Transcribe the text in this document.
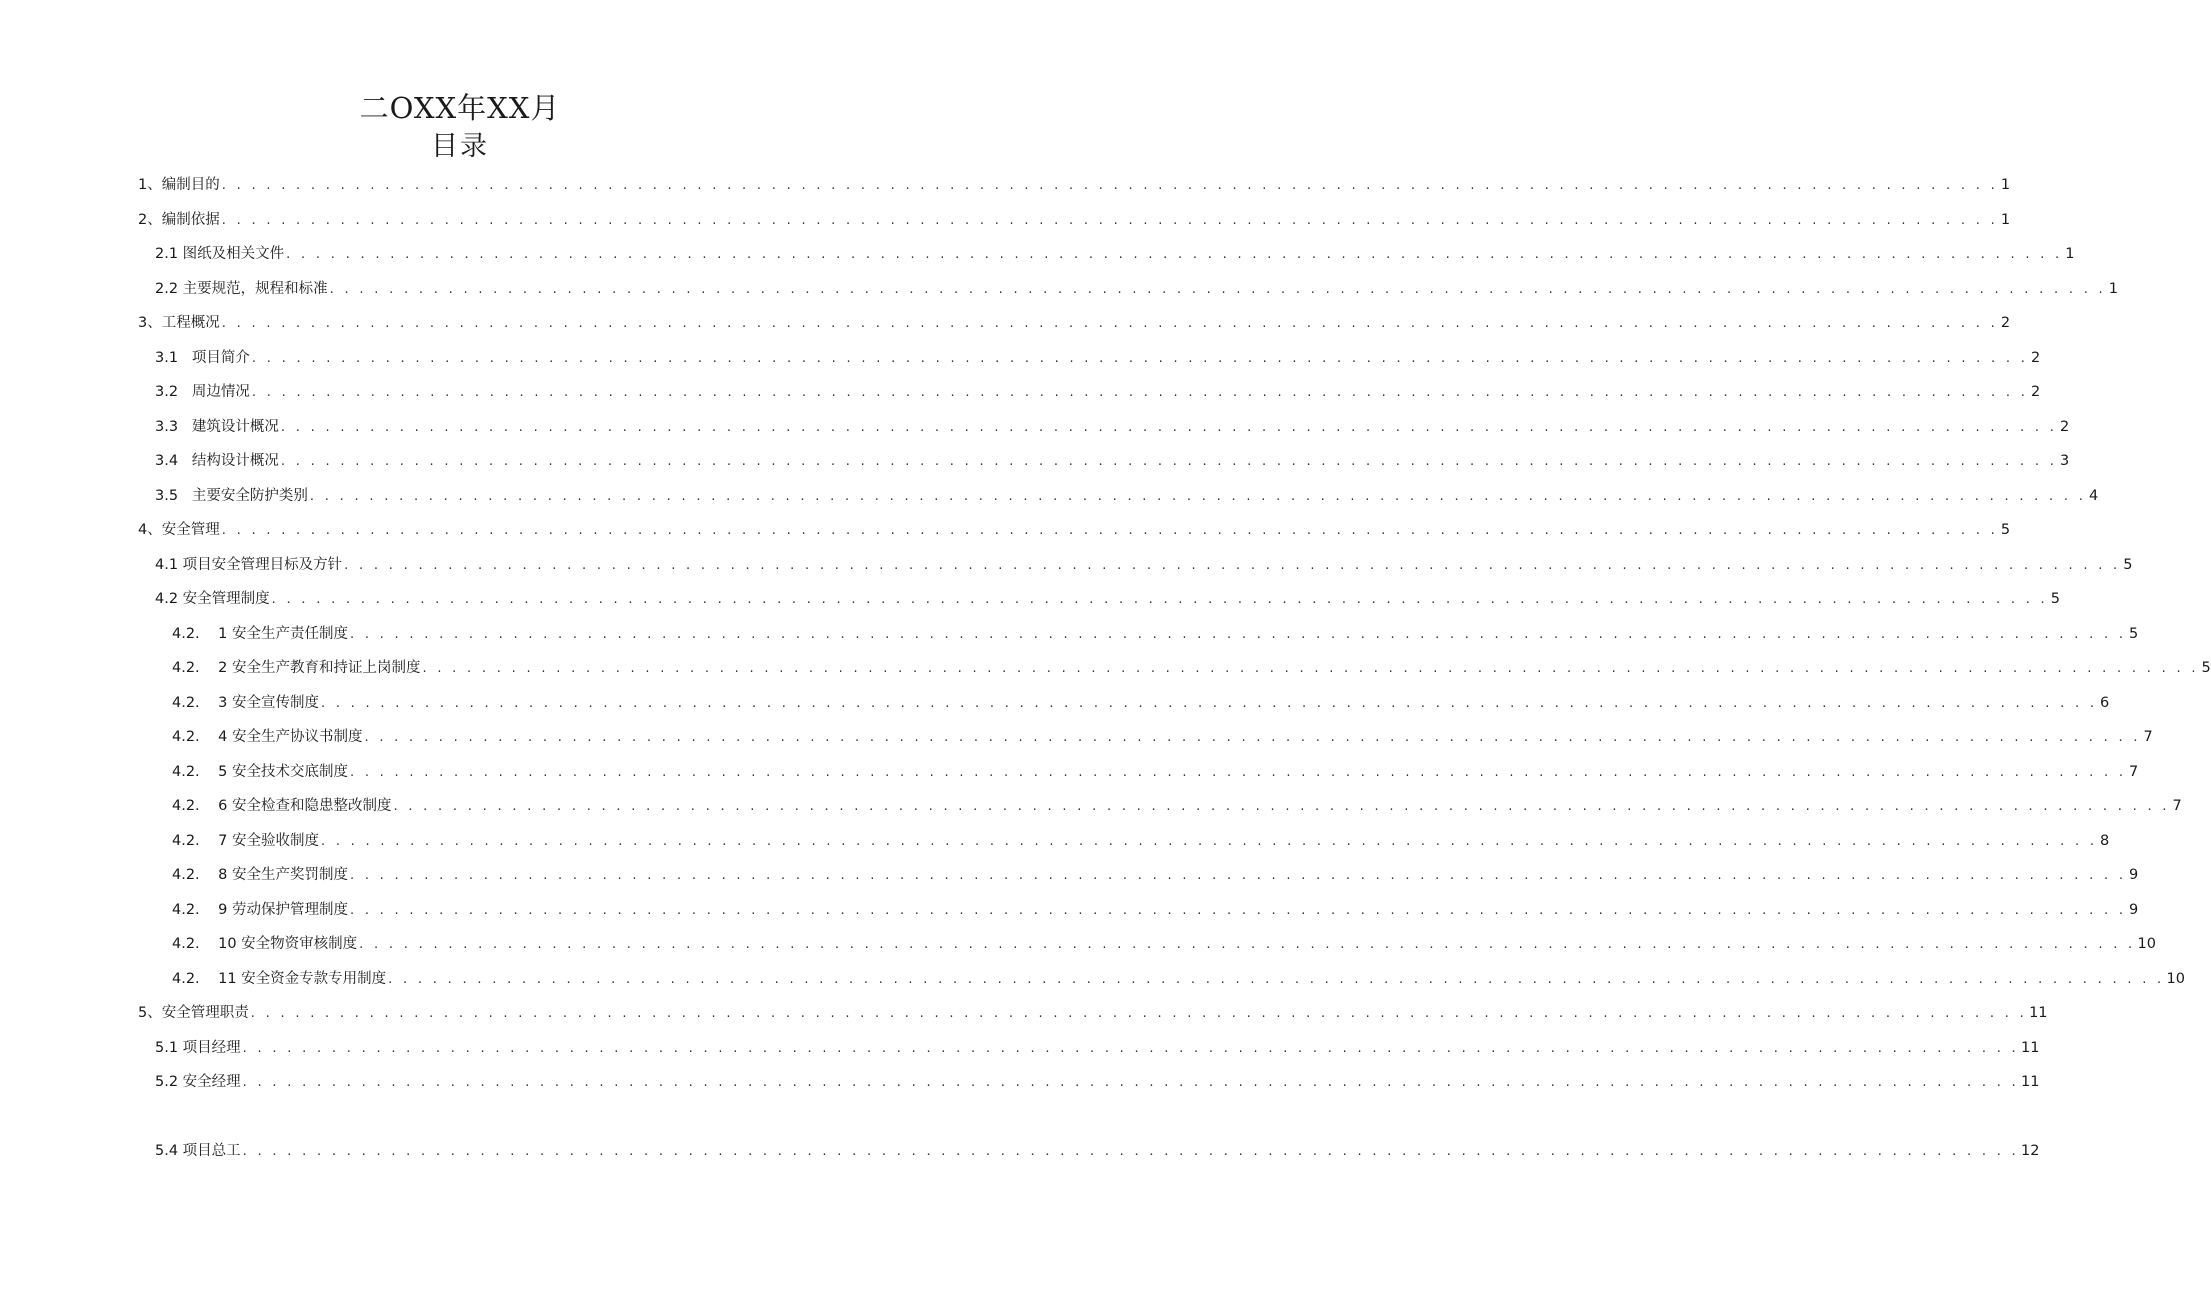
二OXX年XX月
目录
1、 编制目的 . . . . . . . . . . . . . . . . . . . . . . . . . . . . . . . . . . . . . . . . . . . . . . . . . . . . . . . . . . . . . . . . . . . . . . . . . . . . . . . . . . . . . . . . . . . . . . . . . . . . . . . . . . . . . . . . . . . . . . . . 1
2、 编制依据 . . . . . . . . . . . . . . . . . . . . . . . . . . . . . . . . . . . . . . . . . . . . . . . . . . . . . . . . . . . . . . . . . . . . . . . . . . . . . . . . . . . . . . . . . . . . . . . . . . . . . . . . . . . . . . . . . . . . . . . . 1
2.1 图纸及相关文件 . . . . . . . . . . . . . . . . . . . . . . . . . . . . . . . . . . . . . . . . . . . . . . . . . . . . . . . . . . . . . . . . . . . . . . . . . . . . . . . . . . . . . . . . . . . . . . . . . . . . . . . . . . . . . . . . . . . . . . . . 1
2.2 主要规范，规程和标准 . . . . . . . . . . . . . . . . . . . . . . . . . . . . . . . . . . . . . . . . . . . . . . . . . . . . . . . . . . . . . . . . . . . . . . . . . . . . . . . . . . . . . . . . . . . . . . . . . . . . . . . . . . . . . . . . . . . . . . . . 1
3、 工程概况 . . . . . . . . . . . . . . . . . . . . . . . . . . . . . . . . . . . . . . . . . . . . . . . . . . . . . . . . . . . . . . . . . . . . . . . . . . . . . . . . . . . . . . . . . . . . . . . . . . . . . . . . . . . . . . . . . . . . . . . . 2
3.1 项目简介 . . . . . . . . . . . . . . . . . . . . . . . . . . . . . . . . . . . . . . . . . . . . . . . . . . . . . . . . . . . . . . . . . . . . . . . . . . . . . . . . . . . . . . . . . . . . . . . . . . . . . . . . . . . . . . . . . . . . . . . . 2
3.2 周边情况 . . . . . . . . . . . . . . . . . . . . . . . . . . . . . . . . . . . . . . . . . . . . . . . . . . . . . . . . . . . . . . . . . . . . . . . . . . . . . . . . . . . . . . . . . . . . . . . . . . . . . . . . . . . . . . . . . . . . . . . . 2
3.3 建筑设计概况 . . . . . . . . . . . . . . . . . . . . . . . . . . . . . . . . . . . . . . . . . . . . . . . . . . . . . . . . . . . . . . . . . . . . . . . . . . . . . . . . . . . . . . . . . . . . . . . . . . . . . . . . . . . . . . . . . . . . . . . . 2
3.4 结构设计概况 . . . . . . . . . . . . . . . . . . . . . . . . . . . . . . . . . . . . . . . . . . . . . . . . . . . . . . . . . . . . . . . . . . . . . . . . . . . . . . . . . . . . . . . . . . . . . . . . . . . . . . . . . . . . . . . . . . . . . . . . 3
3.5 主要安全防护类别 . . . . . . . . . . . . . . . . . . . . . . . . . . . . . . . . . . . . . . . . . . . . . . . . . . . . . . . . . . . . . . . . . . . . . . . . . . . . . . . . . . . . . . . . . . . . . . . . . . . . . . . . . . . . . . . . . . . . . . . . 4
4、 安全管理 . . . . . . . . . . . . . . . . . . . . . . . . . . . . . . . . . . . . . . . . . . . . . . . . . . . . . . . . . . . . . . . . . . . . . . . . . . . . . . . . . . . . . . . . . . . . . . . . . . . . . . . . . . . . . . . . . . . . . . . . 5
4.1 项目安全管理目标及方针 . . . . . . . . . . . . . . . . . . . . . . . . . . . . . . . . . . . . . . . . . . . . . . . . . . . . . . . . . . . . . . . . . . . . . . . . . . . . . . . . . . . . . . . . . . . . . . . . . . . . . . . . . . . . . . . . . . . . . . . . 5
4.2 安全管理制度 . . . . . . . . . . . . . . . . . . . . . . . . . . . . . . . . . . . . . . . . . . . . . . . . . . . . . . . . . . . . . . . . . . . . . . . . . . . . . . . . . . . . . . . . . . . . . . . . . . . . . . . . . . . . . . . . . . . . . . . . 5
4.2.    1 安全生产责任制度 . . . . . . . . . . . . . . . . . . . . . . . . . . . . . . . . . . . . . . . . . . . . . . . . . . . . . . . . . . . . . . . . . . . . . . . . . . . . . . . . . . . . . . . . . . . . . . . . . . . . . . . . . . . . . . . . . . . . . . . . 5
4.2.    2 安全生产教育和持证上岗制度 . . . . . . . . . . . . . . . . . . . . . . . . . . . . . . . . . . . . . . . . . . . . . . . . . . . . . . . . . . . . . . . . . . . . . . . . . . . . . . . . . . . . . . . . . . . . . . . . . . . . . . . . . . . . . . . . . . . . . . . . 5
4.2.    3 安全宣传制度 . . . . . . . . . . . . . . . . . . . . . . . . . . . . . . . . . . . . . . . . . . . . . . . . . . . . . . . . . . . . . . . . . . . . . . . . . . . . . . . . . . . . . . . . . . . . . . . . . . . . . . . . . . . . . . . . . . . . . . . . 6
4.2.    4 安全生产协议书制度 . . . . . . . . . . . . . . . . . . . . . . . . . . . . . . . . . . . . . . . . . . . . . . . . . . . . . . . . . . . . . . . . . . . . . . . . . . . . . . . . . . . . . . . . . . . . . . . . . . . . . . . . . . . . . . . . . . . . . . . . 7
4.2.    5 安全技术交底制度 . . . . . . . . . . . . . . . . . . . . . . . . . . . . . . . . . . . . . . . . . . . . . . . . . . . . . . . . . . . . . . . . . . . . . . . . . . . . . . . . . . . . . . . . . . . . . . . . . . . . . . . . . . . . . . . . . . . . . . . . 7
4.2.    6 安全检查和隐患整改制度 . . . . . . . . . . . . . . . . . . . . . . . . . . . . . . . . . . . . . . . . . . . . . . . . . . . . . . . . . . . . . . . . . . . . . . . . . . . . . . . . . . . . . . . . . . . . . . . . . . . . . . . . . . . . . . . . . . . . . . . . 7
4.2.    7 安全验收制度 . . . . . . . . . . . . . . . . . . . . . . . . . . . . . . . . . . . . . . . . . . . . . . . . . . . . . . . . . . . . . . . . . . . . . . . . . . . . . . . . . . . . . . . . . . . . . . . . . . . . . . . . . . . . . . . . . . . . . . . . 8
4.2.    8 安全生产奖罚制度 . . . . . . . . . . . . . . . . . . . . . . . . . . . . . . . . . . . . . . . . . . . . . . . . . . . . . . . . . . . . . . . . . . . . . . . . . . . . . . . . . . . . . . . . . . . . . . . . . . . . . . . . . . . . . . . . . . . . . . . . 9
4.2.    9 劳动保护管理制度 . . . . . . . . . . . . . . . . . . . . . . . . . . . . . . . . . . . . . . . . . . . . . . . . . . . . . . . . . . . . . . . . . . . . . . . . . . . . . . . . . . . . . . . . . . . . . . . . . . . . . . . . . . . . . . . . . . . . . . . . 9
4.2.    10 安全物资审核制度 . . . . . . . . . . . . . . . . . . . . . . . . . . . . . . . . . . . . . . . . . . . . . . . . . . . . . . . . . . . . . . . . . . . . . . . . . . . . . . . . . . . . . . . . . . . . . . . . . . . . . . . . . . . . . . . . . . . . . . . . 10
4.2.    11 安全资金专款专用制度 . . . . . . . . . . . . . . . . . . . . . . . . . . . . . . . . . . . . . . . . . . . . . . . . . . . . . . . . . . . . . . . . . . . . . . . . . . . . . . . . . . . . . . . . . . . . . . . . . . . . . . . . . . . . . . . . . . . . . . . . 10
5、 安全管理职责 . . . . . . . . . . . . . . . . . . . . . . . . . . . . . . . . . . . . . . . . . . . . . . . . . . . . . . . . . . . . . . . . . . . . . . . . . . . . . . . . . . . . . . . . . . . . . . . . . . . . . . . . . . . . . . . . . . . . . . . . 11
5.1 项目经理 . . . . . . . . . . . . . . . . . . . . . . . . . . . . . . . . . . . . . . . . . . . . . . . . . . . . . . . . . . . . . . . . . . . . . . . . . . . . . . . . . . . . . . . . . . . . . . . . . . . . . . . . . . . . . . . . . . . . . . . . 11
5.2 安全经理 . . . . . . . . . . . . . . . . . . . . . . . . . . . . . . . . . . . . . . . . . . . . . . . . . . . . . . . . . . . . . . . . . . . . . . . . . . . . . . . . . . . . . . . . . . . . . . . . . . . . . . . . . . . . . . . . . . . . . . . . 11
5.4 项目总工 . . . . . . . . . . . . . . . . . . . . . . . . . . . . . . . . . . . . . . . . . . . . . . . . . . . . . . . . . . . . . . . . . . . . . . . . . . . . . . . . . . . . . . . . . . . . . . . . . . . . . . . . . . . . . . . . . . . . . . . . 12
